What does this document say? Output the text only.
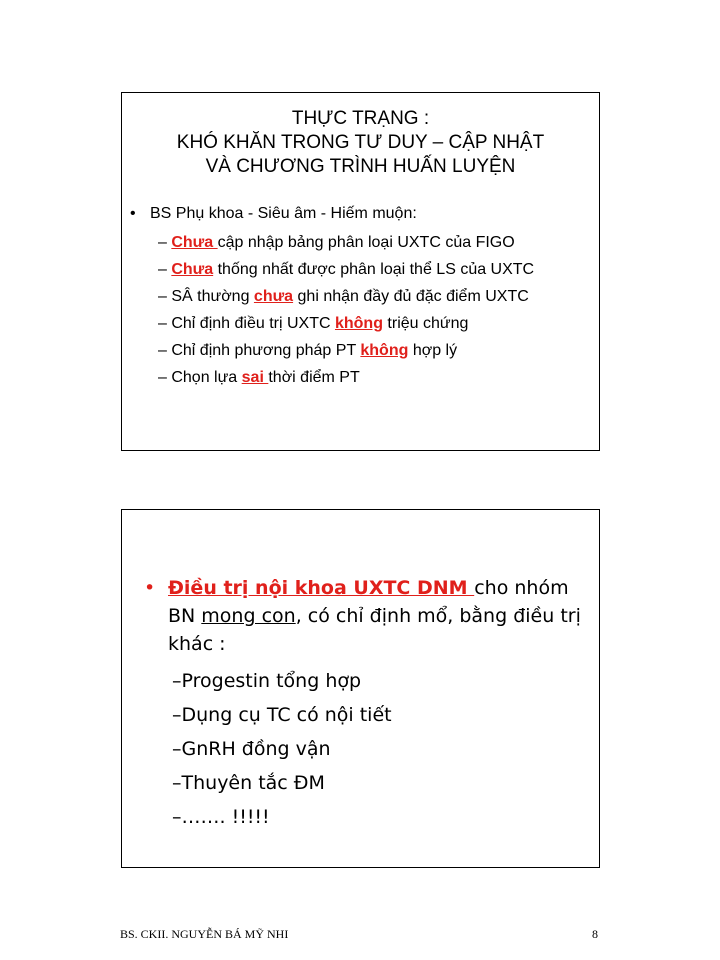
THỰC TRẠNG :
KHÓ KHĂN TRONG TƯ DUY – CẬP NHẬT
VÀ CHƯƠNG TRÌNH HUẤN LUYỆN
• BS Phụ khoa - Siêu âm - Hiếm muộn:
– Chưa cập nhập bảng phân loại UXTC của FIGO
– Chưa thống nhất được phân loại thể LS của UXTC
– SÂ thường chưa ghi nhận đầy đủ đặc điểm UXTC
– Chỉ định điều trị UXTC không triệu chứng
– Chỉ định phương pháp PT không hợp lý
– Chọn lựa sai thời điểm PT
• Điều trị nội khoa UXTC DNM cho nhóm BN mong con, có chỉ định mổ, bằng điều trị khác :
–Progestin tổng hợp
–Dụng cụ TC có nội tiết
–GnRH đồng vận
–Thuyên tắc ĐM
–……. !!!!!
BS. CKII. NGUYỄN BÁ MỸ NHI	8
